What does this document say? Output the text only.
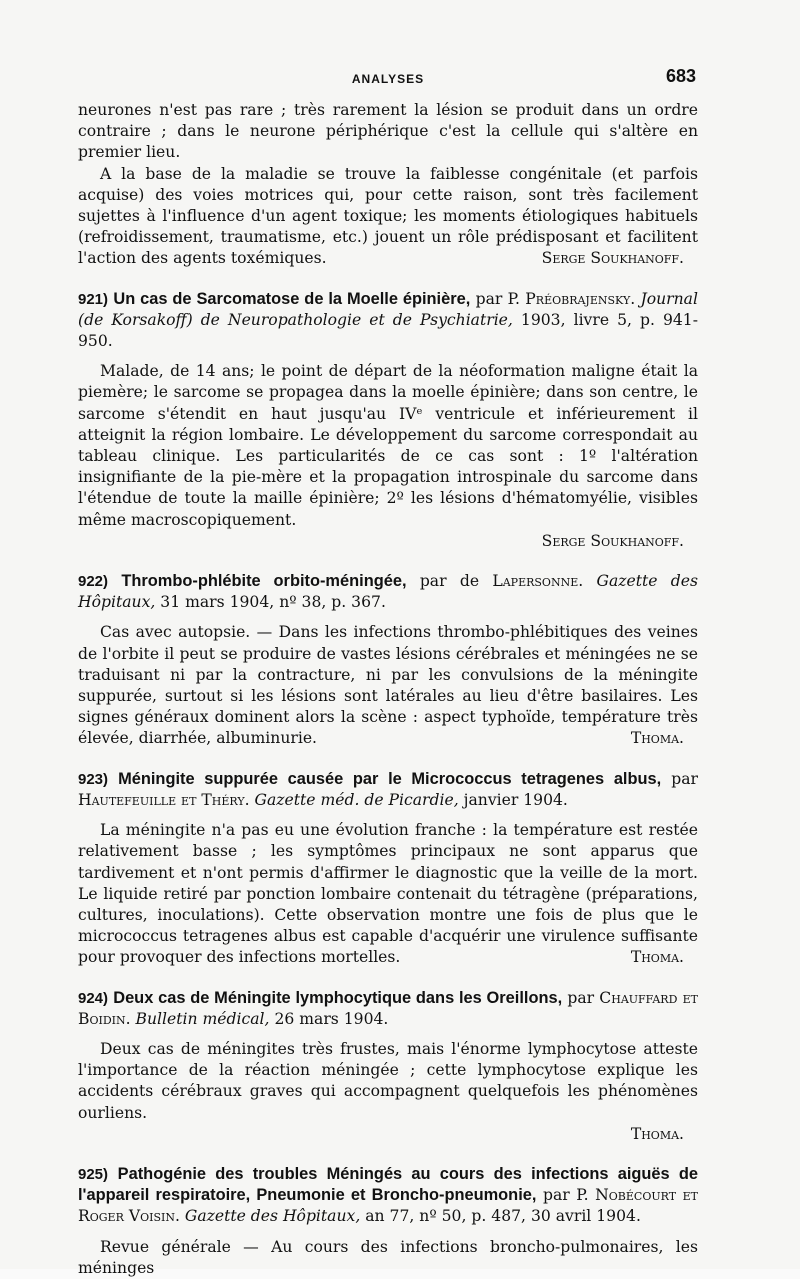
ANALYSES	683

neurones n'est pas rare ; très rarement la lésion se produit dans un ordre contraire ; dans le neurone périphérique c'est la cellule qui s'altère en premier lieu.

A la base de la maladie se trouve la faiblesse congénitale (et parfois acquise) des voies motrices qui, pour cette raison, sont très facilement sujettes à l'influence d'un agent toxique; les moments étiologiques habituels (refroidissement, traumatisme, etc.) jouent un rôle prédisposant et facilitent l'action des agents toxémiques.	Serge Soukhanoff.

921) Un cas de Sarcomatose de la Moelle épinière, par P. Préobrajensky. Journal (de Korsakoff) de Neuropathologie et de Psychiatrie, 1903, livre 5, p. 941-950.

Malade, de 14 ans; le point de départ de la néoformation maligne était la piemère; le sarcome se propagea dans la moelle épinière; dans son centre, le sarcome s'étendit en haut jusqu'au IVᵉ ventricule et inférieurement il atteignit la région lombaire. Le développement du sarcome correspondait au tableau clinique. Les particularités de ce cas sont : 1º l'altération insignifiante de la pie-mère et la propagation introspinale du sarcome dans l'étendue de toute la maille épinière; 2º les lésions d'hématomyélie, visibles même macroscopiquement.

Serge Soukhanoff.

922) Thrombo-phlébite orbito-méningée, par de Lapersonne. Gazette des Hôpitaux, 31 mars 1904, nº 38, p. 367.

Cas avec autopsie. — Dans les infections thrombo-phlébitiques des veines de l'orbite il peut se produire de vastes lésions cérébrales et méningées ne se traduisant ni par la contracture, ni par les convulsions de la méningite suppurée, surtout si les lésions sont latérales au lieu d'être basilaires. Les signes généraux dominent alors la scène : aspect typhoïde, température très élevée, diarrhée, albuminurie.	Thoma.

923) Méningite suppurée causée par le Micrococcus tetragenes albus, par Hautefeuille et Théry. Gazette méd. de Picardie, janvier 1904.

La méningite n'a pas eu une évolution franche : la température est restée relativement basse ; les symptômes principaux ne sont apparus que tardivement et n'ont permis d'affirmer le diagnostic que la veille de la mort. Le liquide retiré par ponction lombaire contenait du tétragène (préparations, cultures, inoculations). Cette observation montre une fois de plus que le micrococcus tetragenes albus est capable d'acquérir une virulence suffisante pour provoquer des infections mortelles.	Thoma.

924) Deux cas de Méningite lymphocytique dans les Oreillons, par Chauffard et Boidin. Bulletin médical, 26 mars 1904.

Deux cas de méningites très frustes, mais l'énorme lymphocytose atteste l'importance de la réaction méningée ; cette lymphocytose explique les accidents cérébraux graves qui accompagnent quelquefois les phénomènes ourliens.

Thoma.

925) Pathogénie des troubles Méningés au cours des infections aiguës de l'appareil respiratoire, Pneumonie et Broncho-pneumonie, par P. Nobécourt et Roger Voisin. Gazette des Hôpitaux, an 77, nº 50, p. 487, 30 avril 1904.

Revue générale — Au cours des infections broncho-pulmonaires, les méninges
